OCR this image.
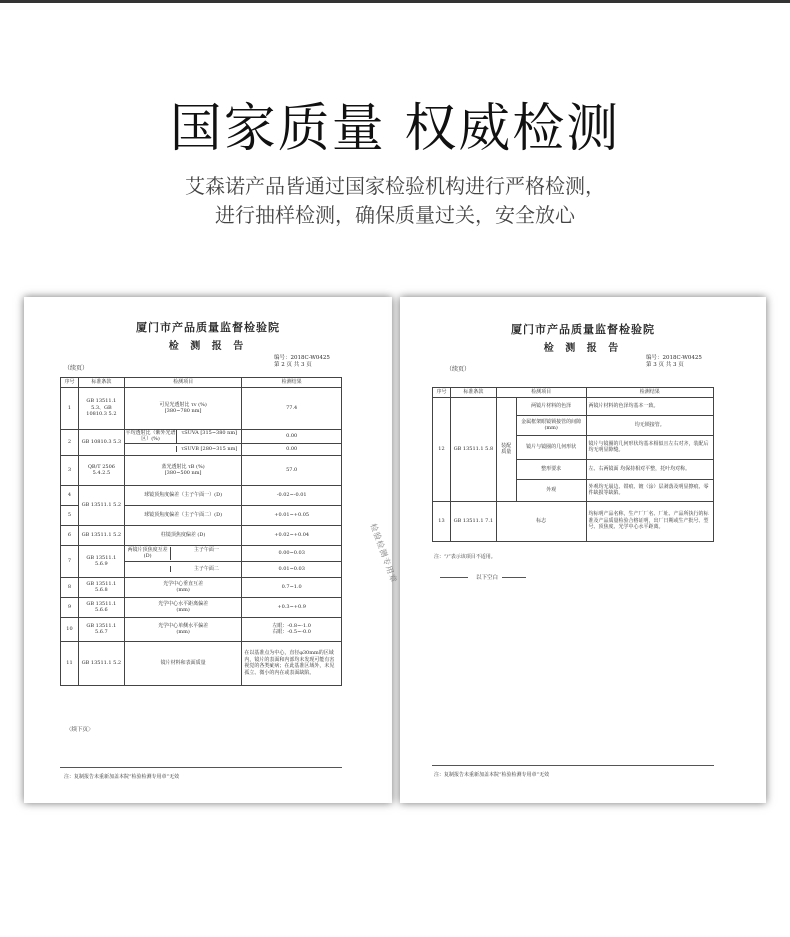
国家质量 权威检测
艾森诺产品皆通过国家检验机构进行严格检测，
进行抽样检测，确保质量过关，安全放心
厦门市产品质量监督检验院
检 测 报 告
（续页）
编号：2018C-W0425
第 2 页 共 3 页
序号	标准条款	检测项目	检测结果
1	GB 13511.1 5.3、GB 10810.3 5.2	可见光透射比 τv (%)
[380~780 nm]	77.4
2	GB 10810.3 5.3	平均透射比（紫外光谱区）(%)
τSUVA [315~380 nm]	0.00

		τSUVB [280~315 nm]	0.00
3	QB/T 2506 5.4.2.5	蓝光透射比 τB (%)
[380~500 nm]	57.0
4	GB 13511.1 5.2	球镜顶焦度偏差（主子午面一）(D)	-0.02~-0.01
5		球镜顶焦度偏差（主子午面二）(D)	+0.01~+0.05
6	GB 13511.1 5.2	柱镜顶焦度偏差 (D)	+0.02~+0.04
7	GB 13511.1 5.6.9	两镜片顶焦度互差 (D)
主子午面一	0.00~0.03

		主子午面二	0.01~0.03
8	GB 13511.1 5.6.8	光学中心垂直互差
(mm)	0.7~1.0
9	GB 13511.1 5.6.6	光学中心水平距离偏差
(mm)	+0.3~+0.9
10	GB 13511.1 5.6.7	光学中心单侧水平偏差
(mm)	左眼：-0.8~-1.0
右眼：-0.5~-0.0
11	GB 13511.1 5.2	镜片材料和表面质量	在以基准点为中心，直径φ30mm的区域内，镜片的表面和内部均未发现可能有害视觉的各类疵病；在此基准区域外，未见孤立、微小的内在或表面缺陷。
〈续下页〉
注：复制报告未重新加盖本院“检验检测专用章”无效
厦门市产品质量监督检验院
检 测 报 告
（续页）
编号：2018C-W0425
第 3 页 共 3 页
序号	标准条款	检测项目		检测结果
12	GB 13511.1 5.8	装配质量	两镜片材料的色泽	两镜片材料的色泽均基本一致。
			金属框架眼镜锁接管的间隙(mm)	均无锁接管。
			镜片与镜圈的几何形状	镜片与镜圈的几何形状均基本相似且左右对齐，装配后均无明显隙缝。
			整形要求	左、右两镜面 均保持相对平整，托叶均对称。
			外观	外观均无崩边、钳痕、镀（涂）层剥落及明显擦痕、零件缺损等缺陷。
13	GB 13511.1 7.1	标志		均标明产品名称，生产厂厂名、厂址、产品所执行的标准及产品质量检验合格证明，出厂日期或生产批号、型号、顶焦度、光学中心水平距离。
注：“/”表示该项目不适用。
以下空白
注：复制报告未重新加盖本院“检验检测专用章”无效
检验检测专用章
